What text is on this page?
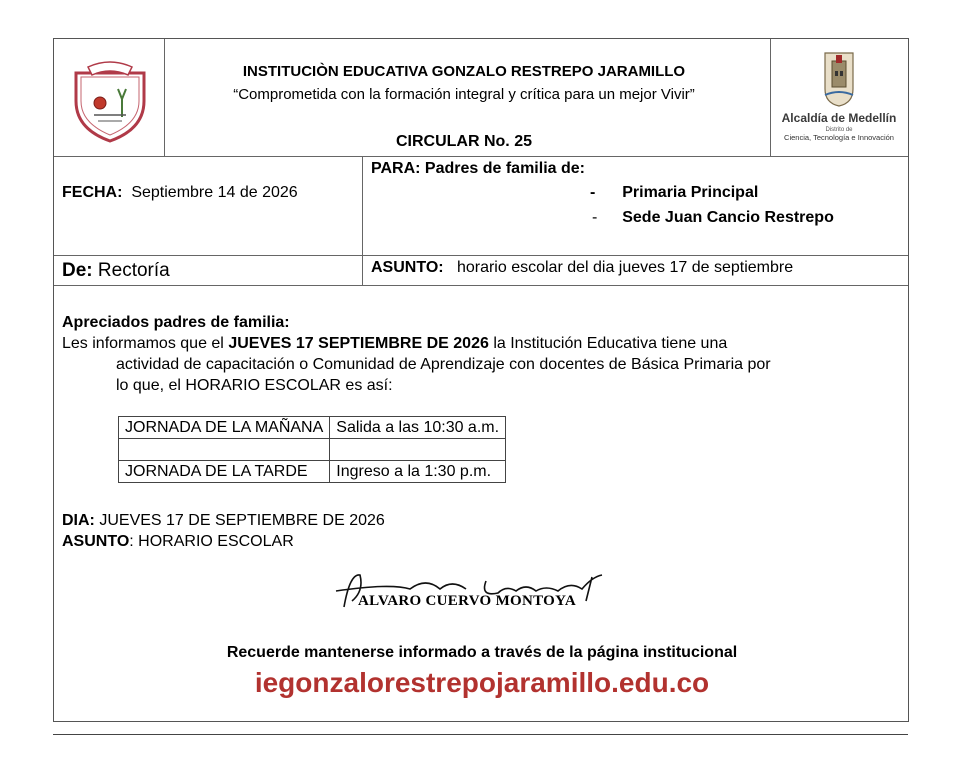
INSTITUCIÒN EDUCATIVA GONZALO RESTREPO JARAMILLO
“Comprometida con la formación integral y crítica para un mejor Vivir”
CIRCULAR No. 25
Alcaldía de Medellín
Distrito de
Ciencia, Tecnología e Innovación
FECHA: Septiembre 14 de 2026
PARA: Padres de familia de:
- Primaria Principal
- Sede Juan Cancio Restrepo
De: Rectoría	ASUNTO: horario escolar del dia jueves 17 de septiembre
Apreciados padres de familia:
Les informamos que el JUEVES 17 SEPTIEMBRE DE 2026 la Institución Educativa tiene una
actividad de capacitación o Comunidad de Aprendizaje con docentes de Básica Primaria por
lo que, el HORARIO ESCOLAR es así:
JORNADA DE LA MAÑANA	Salida a las 10:30 a.m.

JORNADA DE LA TARDE	Ingreso a la 1:30 p.m.
DIA: JUEVES 17 DE SEPTIEMBRE DE 2026
ASUNTO: HORARIO ESCOLAR
ALVARO CUERVO MONTOYA
Recuerde mantenerse informado a través de la página institucional
iegonzalorestrepojaramillo.edu.co
